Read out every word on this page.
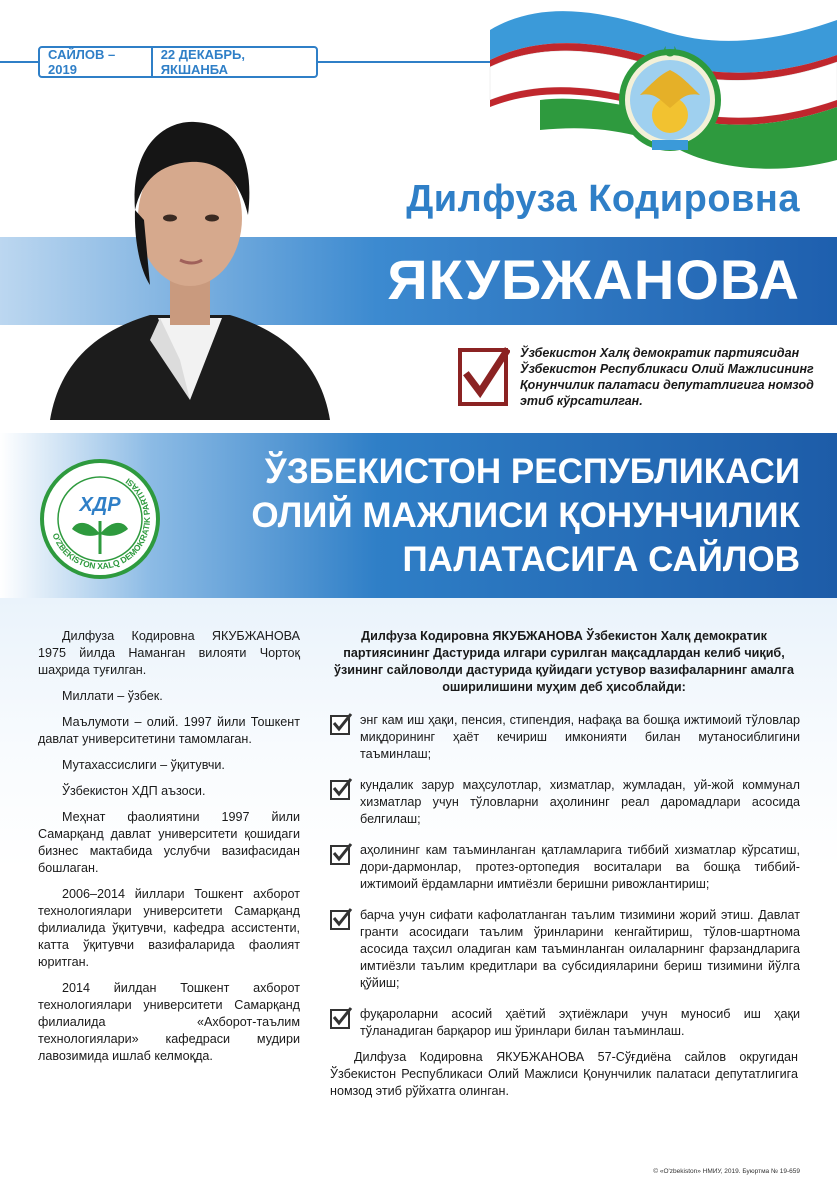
САЙЛОВ – 2019
22 ДЕКАБРЬ, ЯКШАНБА
Дилфуза Кодировна
ЯКУБЖАНОВА
Ўзбекистон Халқ демократик партиясидан Ўзбекистон Республикаси Олий Мажлисининг Қонунчилик палатаси депутатлигига номзод этиб кўрсатилган.
ЎЗБЕКИСТОН РЕСПУБЛИКАСИ
ОЛИЙ МАЖЛИСИ ҚОНУНЧИЛИК
ПАЛАТАСИГА САЙЛОВ
O'ZBEKISTON XALQ DEMOKRATIK PARTIYASI
ХДР

Дилфуза Кодировна ЯКУБЖАНОВА 1975 йилда Наманган вилояти Чортоқ шаҳрида туғилган.

Миллати – ўзбек.

Маълумоти – олий. 1997 йили Тошкент давлат университетини тамомлаган.

Мутахассислиги – ўқитувчи.

Ўзбекистон ХДП аъзоси.

Меҳнат фаолиятини 1997 йили Самарқанд давлат университети қошидаги бизнес мактабида услубчи вазифасидан бошлаган.

2006–2014 йиллари Тошкент ахборот технологиялари университети Самарқанд филиалида ўқитувчи, кафедра ассистенти, катта ўқитувчи вазифаларида фаолият юритган.

2014 йилдан Тошкент ахборот технологиялари университети Самарқанд филиалида «Ахборот-таълим технологиялари» кафедраси мудири лавозимида ишлаб келмоқда.

Дилфуза Кодировна ЯКУБЖАНОВА Ўзбекистон Халқ демократик партиясининг Дастурида илгари сурилган мақсадлардан келиб чиқиб, ўзининг сайловолди дастурида қуйидаги устувор вазифаларнинг амалга оширилишини муҳим деб ҳисоблайди:
энг кам иш ҳақи, пенсия, стипендия, нафақа ва бошқа ижтимоий тўловлар миқдорининг ҳаёт кечириш имконияти билан мутаносиблигини таъминлаш;
кундалик зарур маҳсулотлар, хизматлар, жумладан, уй-жой коммунал хизматлар учун тўловларни аҳолининг реал даромадлари асосида белгилаш;
аҳолининг кам таъминланган қатламларига тиббий хизматлар кўрсатиш, дори-дармонлар, протез-ортопедия воситалари ва бошқа тиббий-ижтимоий ёрдамларни имтиёзли беришни ривожлантириш;
барча учун сифати кафолатланган таълим тизимини жорий этиш. Давлат гранти асосидаги таълим ўринларини кенгайтириш, тўлов-шартнома асосида таҳсил оладиган кам таъминланган оилаларнинг фарзандларига имтиёзли таълим кредитлари ва субсидияларини бериш тизимини йўлга қўйиш;
фуқароларни асосий ҳаётий эҳтиёжлари учун муносиб иш ҳақи тўланадиган барқарор иш ўринлари билан таъминлаш.
Дилфуза Кодировна ЯКУБЖАНОВА 57-Сўғдиёна сайлов округидан Ўзбекистон Республикаси Олий Мажлиси Қонунчилик палатаси депутатлигига номзод этиб рўйхатга олинган.
© «O'zbekiston» НМИУ, 2019. Буюртма № 19-659
